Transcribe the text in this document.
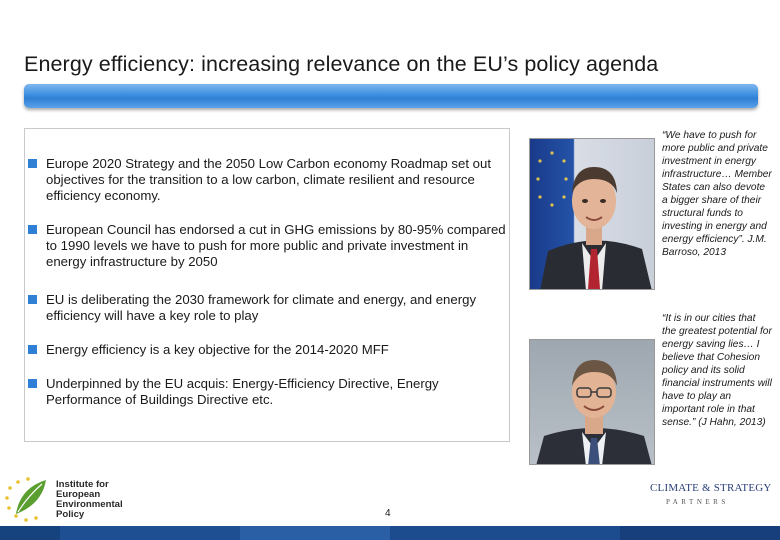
Energy efficiency: increasing relevance on the EU’s policy agenda
Europe 2020 Strategy and the 2050 Low Carbon economy Roadmap set out objectives for the transition to a low carbon, climate resilient and resource efficiency economy.
European Council has endorsed a cut in GHG emissions by 80-95% compared to 1990 levels we have to push for more public and private investment in energy infrastructure by 2050
EU is deliberating the 2030 framework for climate and energy, and energy efficiency will have a key role to play
Energy efficiency is a key objective for the 2014-2020 MFF
Underpinned by the EU acquis: Energy-Efficiency Directive, Energy Performance of Buildings Directive etc.
“We have to push for more public and private investment in energy infrastructure… Member States can also devote a bigger share of their structural funds to investing in energy and energy efficiency”. J.M. Barroso, 2013
“It is in our cities that the greatest potential for energy saving lies… I believe that Cohesion policy and its solid financial instruments will have to play an important role in that sense.” (J Hahn, 2013)
Institute for
European
Environmental
Policy	4
CLIMATE & STRATEGY
PARTNERS
